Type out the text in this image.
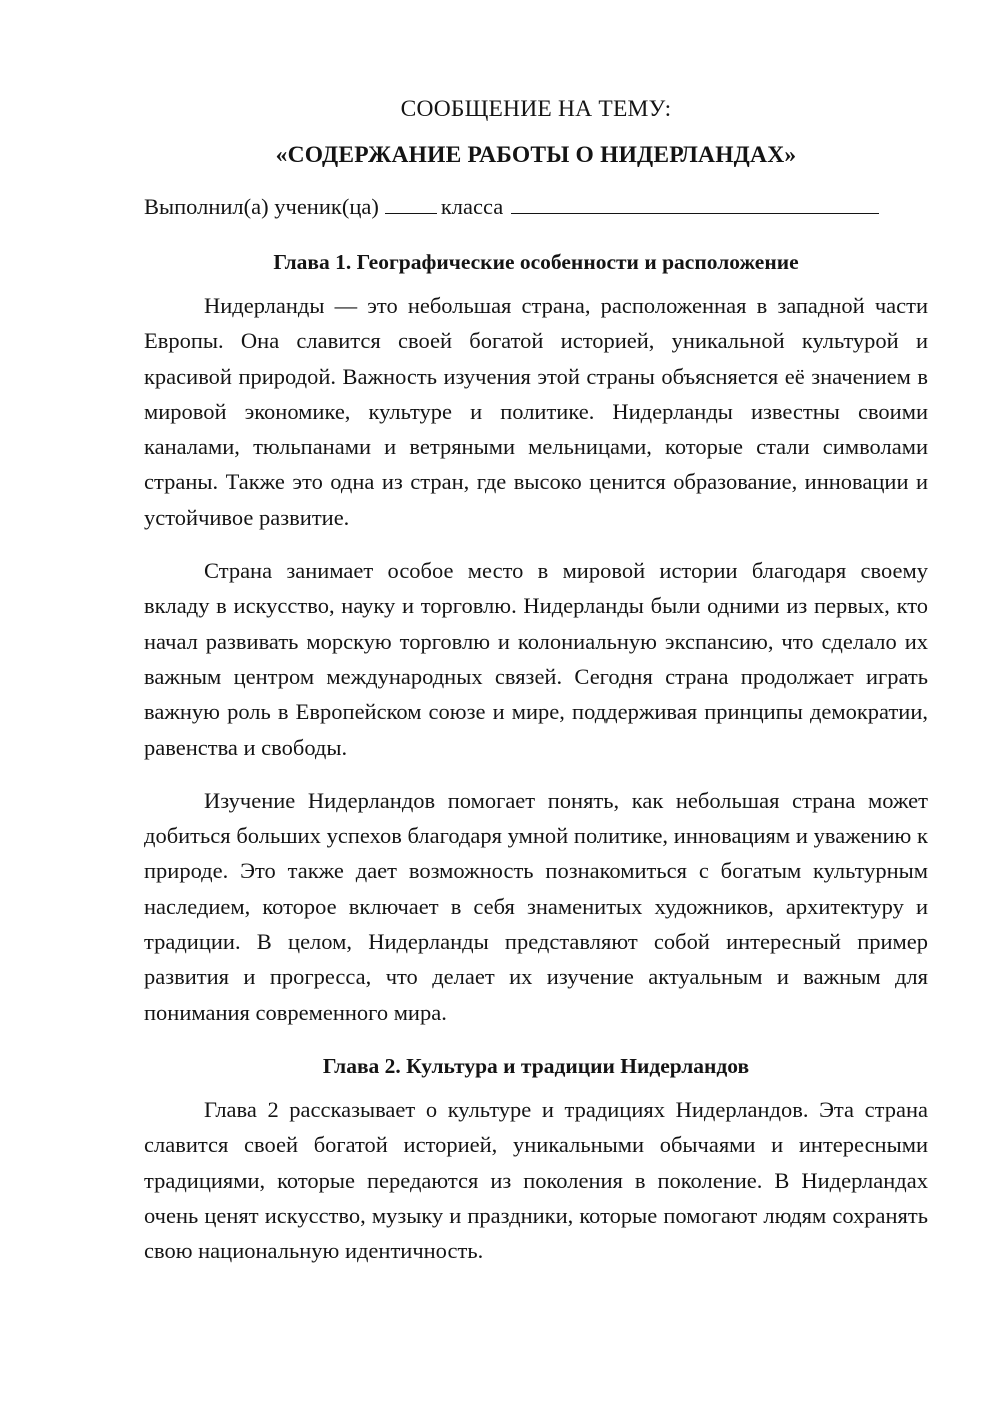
СООБЩЕНИЕ НА ТЕМУ:

«СОДЕРЖАНИЕ РАБОТЫ О НИДЕРЛАНДАХ»

Выполнил(а) ученик(ца)	класса
Глава 1. Географические особенности и расположение

Нидерланды — это небольшая страна, расположенная в западной части Европы. Она славится своей богатой историей, уникальной культурой и красивой природой. Важность изучения этой страны объясняется её значением в мировой экономике, культуре и политике. Нидерланды известны своими каналами, тюльпанами и ветряными мельницами, которые стали символами страны. Также это одна из стран, где высоко ценится образование, инновации и устойчивое развитие.

Страна занимает особое место в мировой истории благодаря своему вкладу в искусство, науку и торговлю. Нидерланды были одними из первых, кто начал развивать морскую торговлю и колониальную экспансию, что сделало их важным центром международных связей. Сегодня страна продолжает играть важную роль в Европейском союзе и мире, поддерживая принципы демократии, равенства и свободы.

Изучение Нидерландов помогает понять, как небольшая страна может добиться больших успехов благодаря умной политике, инновациям и уважению к природе. Это также дает возможность познакомиться с богатым культурным наследием, которое включает в себя знаменитых художников, архитектуру и традиции. В целом, Нидерланды представляют собой интересный пример развития и прогресса, что делает их изучение актуальным и важным для понимания современного мира.

Глава 2. Культура и традиции Нидерландов

Глава 2 рассказывает о культуре и традициях Нидерландов. Эта страна славится своей богатой историей, уникальными обычаями и интересными традициями, которые передаются из поколения в поколение. В Нидерландах очень ценят искусство, музыку и праздники, которые помогают людям сохранять свою национальную идентичность.
